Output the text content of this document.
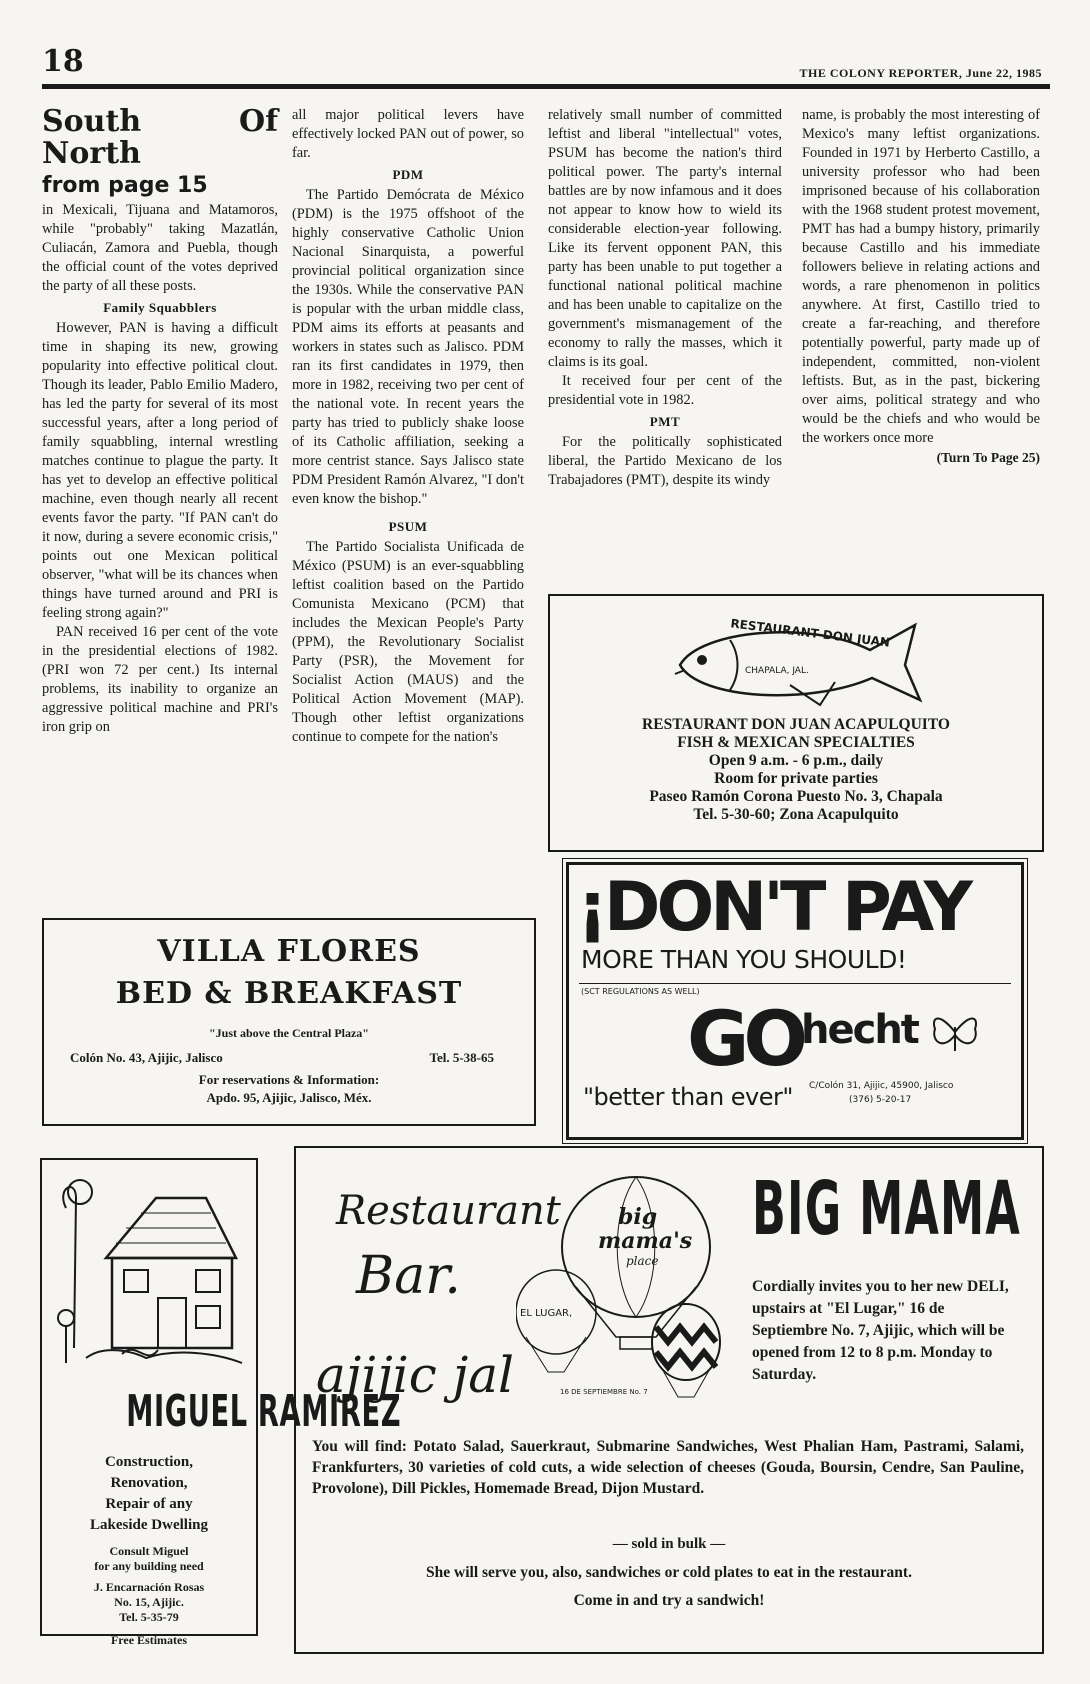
18	THE COLONY REPORTER, June 22, 1985
South Of North
from page 15

in Mexicali, Tijuana and Matamoros, while "probably" taking Mazatlán, Culiacán, Zamora and Puebla, though the official count of the votes deprived the party of all these posts.

Family Squabblers

However, PAN is having a difficult time in shaping its new, growing popularity into effective political clout. Though its leader, Pablo Emilio Madero, has led the party for several of its most successful years, after a long period of family squabbling, internal wrestling matches continue to plague the party. It has yet to develop an effective political machine, even though nearly all recent events favor the party. "If PAN can't do it now, during a severe economic crisis," points out one Mexican political observer, "what will be its chances when things have turned around and PRI is feeling strong again?"

PAN received 16 per cent of the vote in the presidential elections of 1982. (PRI won 72 per cent.) Its internal problems, its inability to organize an aggressive political machine and PRI's iron grip on

all major political levers have effectively locked PAN out of power, so far.

PDM

The Partido Demócrata de México (PDM) is the 1975 offshoot of the highly conservative Catholic Union Nacional Sinarquista, a powerful provincial political organization since the 1930s. While the conservative PAN is popular with the urban middle class, PDM aims its efforts at peasants and workers in states such as Jalisco. PDM ran its first candidates in 1979, then more in 1982, receiving two per cent of the national vote. In recent years the party has tried to publicly shake loose of its Catholic affiliation, seeking a more centrist stance. Says Jalisco state PDM President Ramón Alvarez, "I don't even know the bishop."

PSUM

The Partido Socialista Unificada de México (PSUM) is an ever-squabbling leftist coalition based on the Partido Comunista Mexicano (PCM) that includes the Mexican People's Party (PPM), the Revolutionary Socialist Party (PSR), the Movement for Socialist Action (MAUS) and the Political Action Movement (MAP). Though other leftist organizations continue to compete for the nation's

relatively small number of committed leftist and liberal "intellectual" votes, PSUM has become the nation's third political power. The party's internal battles are by now infamous and it does not appear to know how to wield its considerable election-year following. Like its fervent opponent PAN, this party has been unable to put together a functional national political machine and has been unable to capitalize on the government's mismanagement of the economy to rally the masses, which it claims is its goal.

It received four per cent of the presidential vote in 1982.

PMT

For the politically sophisticated liberal, the Partido Mexicano de los Trabajadores (PMT), despite its windy

name, is probably the most interesting of Mexico's many leftist organizations. Founded in 1971 by Herberto Castillo, a university professor who had been imprisoned because of his collaboration with the 1968 student protest movement, PMT has had a bumpy history, primarily because Castillo and his immediate followers believe in relating actions and words, a rare phenomenon in politics anywhere. At first, Castillo tried to create a far-reaching, and therefore potentially powerful, party made up of independent, committed, non-violent leftists. But, as in the past, bickering over aims, political strategy and who would be the chiefs and who would be the workers once more

(Turn To Page 25)
RESTAURANT DON JUAN
CHAPALA, JAL.
RESTAURANT DON JUAN ACAPULQUITO
FISH & MEXICAN SPECIALTIES
Open 9 a.m. - 6 p.m., daily
Room for private parties
Paseo Ramón Corona Puesto No. 3, Chapala
Tel. 5-30-60; Zona Acapulquito
¡DON'T PAY
MORE THAN YOU SHOULD!
(SCT REGULATIONS AS WELL)
GO hecht
"better than ever" C/Colón 31, Ajijic, 45900, Jalisco
(376) 5-20-17
VILLA FLORES
BED & BREAKFAST
"Just above the Central Plaza"
Colón No. 43, Ajijic, Jalisco	Tel. 5-38-65
For reservations & Information:
Apdo. 95, Ajijic, Jalisco, Méx.
MIGUEL RAMIREZ
Construction,
Renovation,
Repair of any
Lakeside Dwelling
Consult Miguel
for any building need
J. Encarnación Rosas
No. 15, Ajijic.
Tel. 5-35-79
Free Estimates
Restaurant
Bar.
ajijic jal
big
mama's
place
EL LUGAR,
16 DE SEPTIEMBRE No. 7
BIG MAMA
Cordially invites you to her new DELI, upstairs at "El Lugar," 16 de Septiembre No. 7, Ajijic, which will be opened from 12 to 8 p.m. Monday to Saturday.
You will find: Potato Salad, Sauerkraut, Submarine Sandwiches, West Phalian Ham, Pastrami, Salami, Frankfurters, 30 varieties of cold cuts, a wide selection of cheeses (Gouda, Boursin, Cendre, San Pauline, Provolone), Dill Pickles, Homemade Bread, Dijon Mustard.
— sold in bulk —
She will serve you, also, sandwiches or cold plates to eat in the restaurant.
Come in and try a sandwich!
